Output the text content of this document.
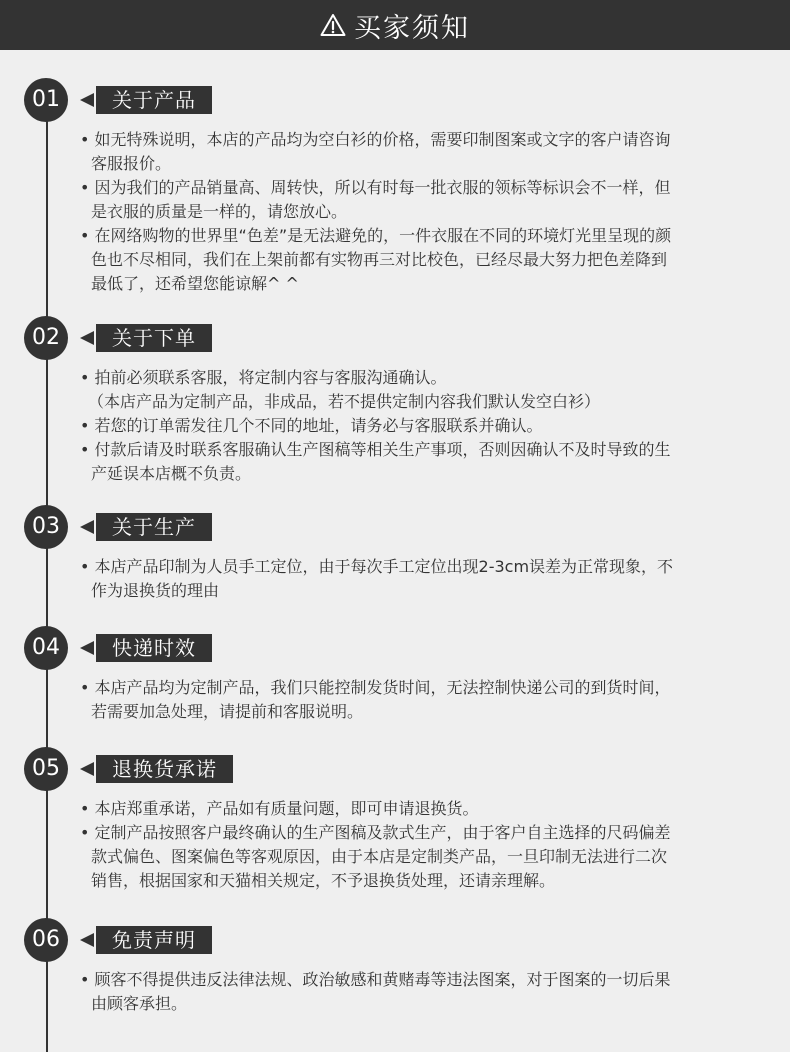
买家须知
01	关于产品
• 如无特殊说明，本店的产品均为空白衫的价格，需要印制图案或文字的客户请咨询
客服报价。
• 因为我们的产品销量高、周转快，所以有时每一批衣服的领标等标识会不一样，但
是衣服的质量是一样的，请您放心。
• 在网络购物的世界里“色差”是无法避免的，一件衣服在不同的环境灯光里呈现的颜
色也不尽相同，我们在上架前都有实物再三对比校色，已经尽最大努力把色差降到
最低了，还希望您能谅解^ ^
02	关于下单
• 拍前必须联系客服，将定制内容与客服沟通确认。
（本店产品为定制产品，非成品，若不提供定制内容我们默认发空白衫）
• 若您的订单需发往几个不同的地址，请务必与客服联系并确认。
• 付款后请及时联系客服确认生产图稿等相关生产事项，否则因确认不及时导致的生
产延误本店概不负责。
03	关于生产
• 本店产品印制为人员手工定位，由于每次手工定位出现2-3cm误差为正常现象，不
作为退换货的理由
04	快递时效
• 本店产品均为定制产品，我们只能控制发货时间，无法控制快递公司的到货时间，
若需要加急处理，请提前和客服说明。
05	退换货承诺
• 本店郑重承诺，产品如有质量问题，即可申请退换货。
• 定制产品按照客户最终确认的生产图稿及款式生产，由于客户自主选择的尺码偏差
款式偏色、图案偏色等客观原因，由于本店是定制类产品，一旦印制无法进行二次
销售，根据国家和天猫相关规定，不予退换货处理，还请亲理解。
06	免责声明
• 顾客不得提供违反法律法规、政治敏感和黄赌毒等违法图案，对于图案的一切后果
由顾客承担。
